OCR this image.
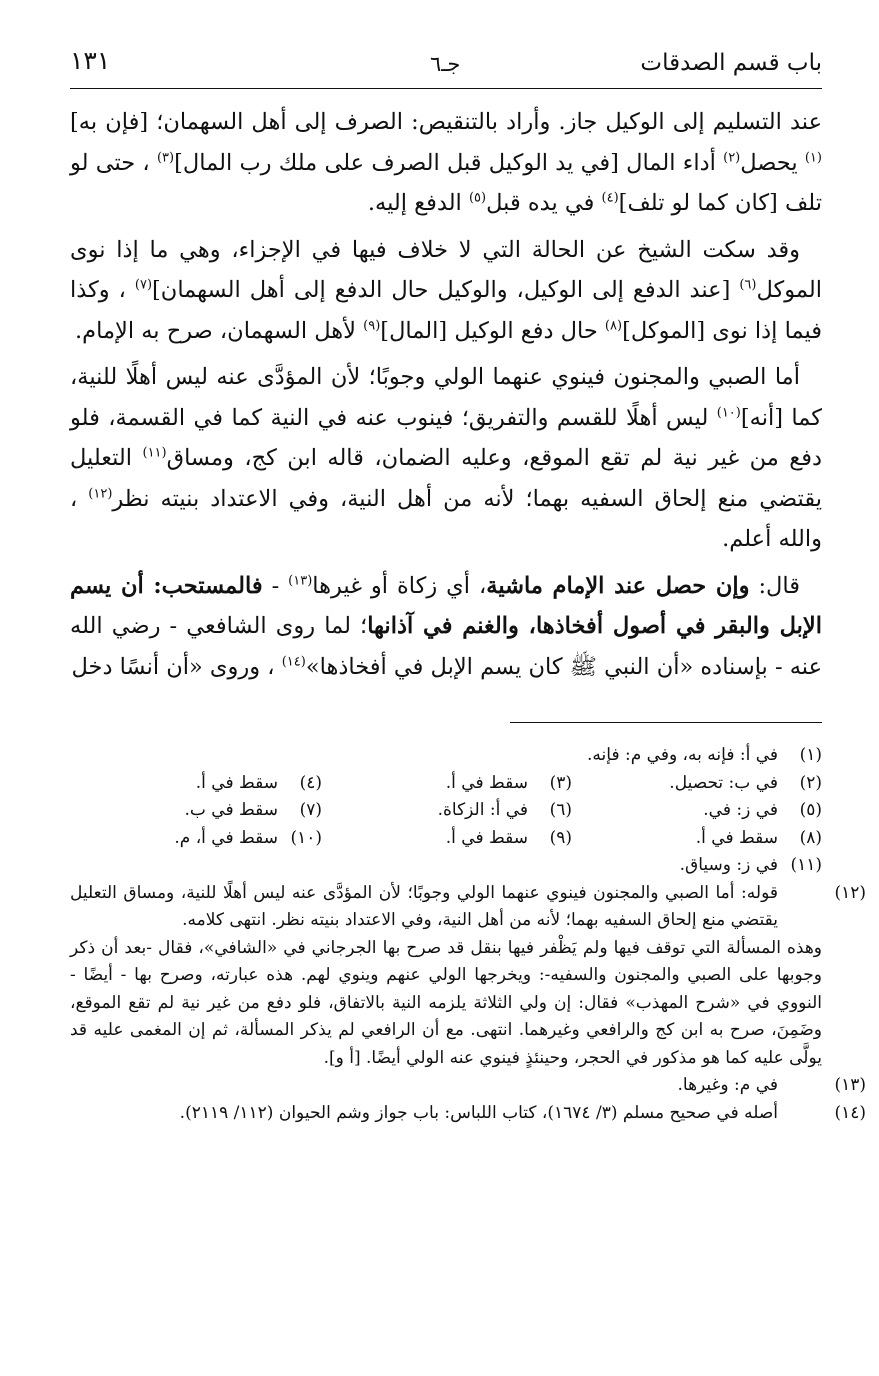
باب قسم الصدقات
جـ٦
١٣١

عند التسليم إلى الوكيل جاز. وأراد بالتنقيص: الصرف إلى أهل السهمان؛ [فإن به]$^{(١)}$ يحصل$^{(٢)}$ أداء المال [في يد الوكيل قبل الصرف على ملك رب المال]$^{(٣)}$ ، حتى لو تلف [كان كما لو تلف]$^{(٤)}$ في يده قبل$^{(٥)}$ الدفع إليه.

وقد سكت الشيخ عن الحالة التي لا خلاف فيها في الإجزاء، وهي ما إذا نوى الموكل$^{(٦)}$ [عند الدفع إلى الوكيل، والوكيل حال الدفع إلى أهل السهمان]$^{(٧)}$ ، وكذا فيما إذا نوى [الموكل]$^{(٨)}$ حال دفع الوكيل [المال]$^{(٩)}$ لأهل السهمان، صرح به الإمام.

أما الصبي والمجنون فينوي عنهما الولي وجوبًا؛ لأن المؤدَّى عنه ليس أهلًا للنية، كما [أنه]$^{(١٠)}$ ليس أهلًا للقسم والتفريق؛ فينوب عنه في النية كما في القسمة، فلو دفع من غير نية لم تقع الموقع، وعليه الضمان، قاله ابن كج، ومساق$^{(١١)}$ التعليل يقتضي منع إلحاق السفيه بهما؛ لأنه من أهل النية، وفي الاعتداد بنيته نظر$^{(١٢)}$ ، والله أعلم.

قال: وإن حصل عند الإمام ماشية، أي زكاة أو غيرها$^{(١٣)}$ - فالمستحب: أن يسم الإبل والبقر في أصول أفخاذها، والغنم في آذانها؛ لما روى الشافعي - رضي الله عنه - بإسناده «أن النبي ﷺ كان يسم الإبل في أفخاذها»$^{(١٤)}$ ، وروى «أن أنسًا دخل

(١)في أ: فإنه به، وفي م: فإنه.
(٢)في ب: تحصيل.
(٣)سقط في أ.
(٤)سقط في أ.
(٥)في ز: في.
(٦)في أ: الزكاة.
(٧)سقط في ب.
(٨)سقط في أ.
(٩)سقط في أ.
(١٠)سقط في أ، م.
(١١)في ز: وسياق.
(١٢)قوله: أما الصبي والمجنون فينوي عنهما الولي وجوبًا؛ لأن المؤدَّى عنه ليس أهلًا للنية، ومساق التعليل يقتضي منع إلحاق السفيه بهما؛ لأنه من أهل النية، وفي الاعتداد بنيته نظر. انتهى كلامه.
وهذه المسألة التي توقف فيها ولم يَظْفر فيها بنقل قد صرح بها الجرجاني في «الشافي»، فقال -بعد أن ذكر وجوبها على الصبي والمجنون والسفيه-: ويخرجها الولي عنهم وينوي لهم. هذه عبارته، وصرح بها - أيضًا - النووي في «شرح المهذب» فقال: إن ولي الثلاثة يلزمه النية بالاتفاق، فلو دفع من غير نية لم تقع الموقع، وضَمِنَ، صرح به ابن كج والرافعي وغيرهما. انتهى. مع أن الرافعي لم يذكر المسألة، ثم إن المغمى عليه قد يولَّى عليه كما هو مذكور في الحجر، وحينئذٍ فينوي عنه الولي أيضًا. [أ و].
(١٣)في م: وغيرها.
(١٤)أصله في صحيح مسلم (٣/ ١٦٧٤)، كتاب اللباس: باب جواز وشم الحيوان (١١٢/ ٢١١٩).
